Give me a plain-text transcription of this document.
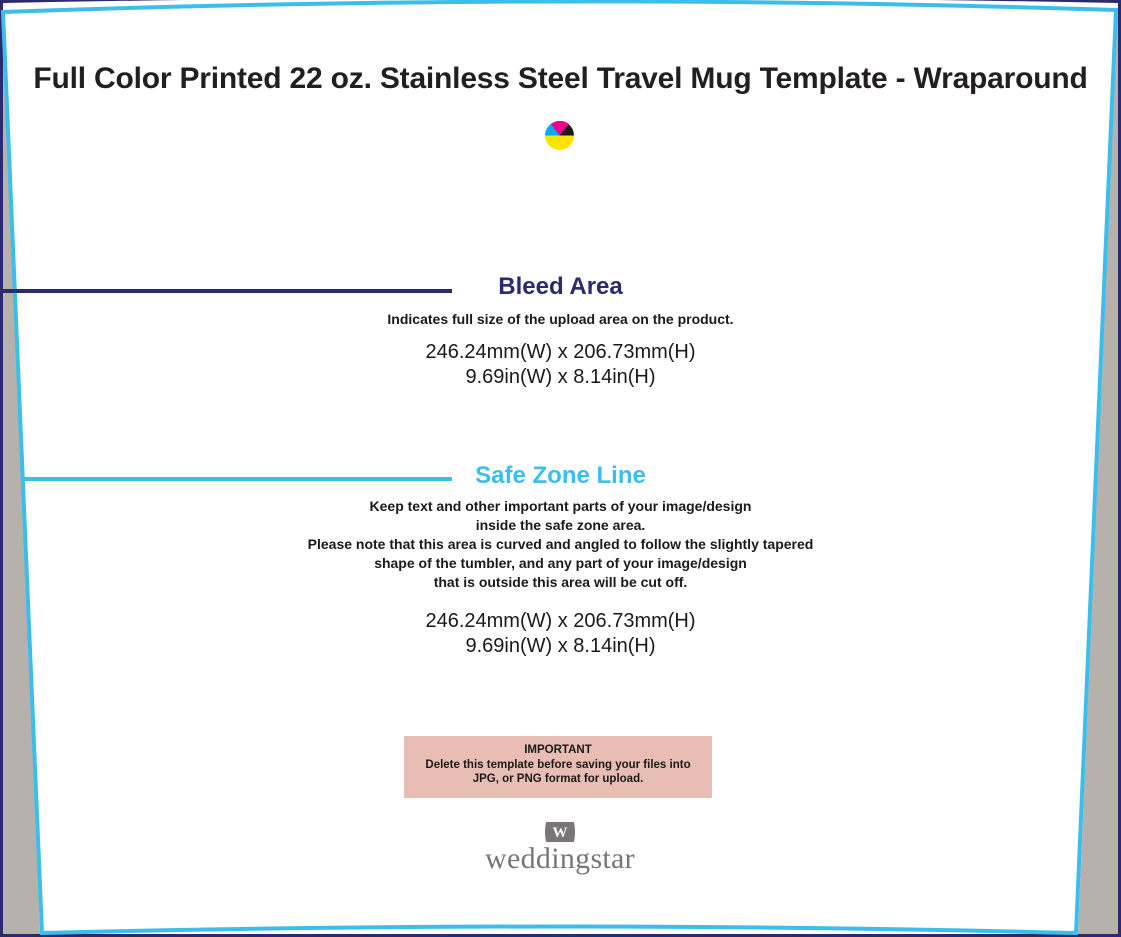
Full Color Printed 22 oz. Stainless Steel Travel Mug Template - Wraparound
Bleed Area
Indicates full size of the upload area on the product.
246.24mm(W) x 206.73mm(H)
9.69in(W) x 8.14in(H)
Safe Zone Line
Keep text and other important parts of your image/design
inside the safe zone area.
Please note that this area is curved and angled to follow the slightly tapered
shape of the tumbler, and any part of your image/design
that is outside this area will be cut off.
246.24mm(W) x 206.73mm(H)
9.69in(W) x 8.14in(H)
IMPORTANT
Delete this template before saving your files into
JPG, or PNG format for upload.
W
weddingstar
